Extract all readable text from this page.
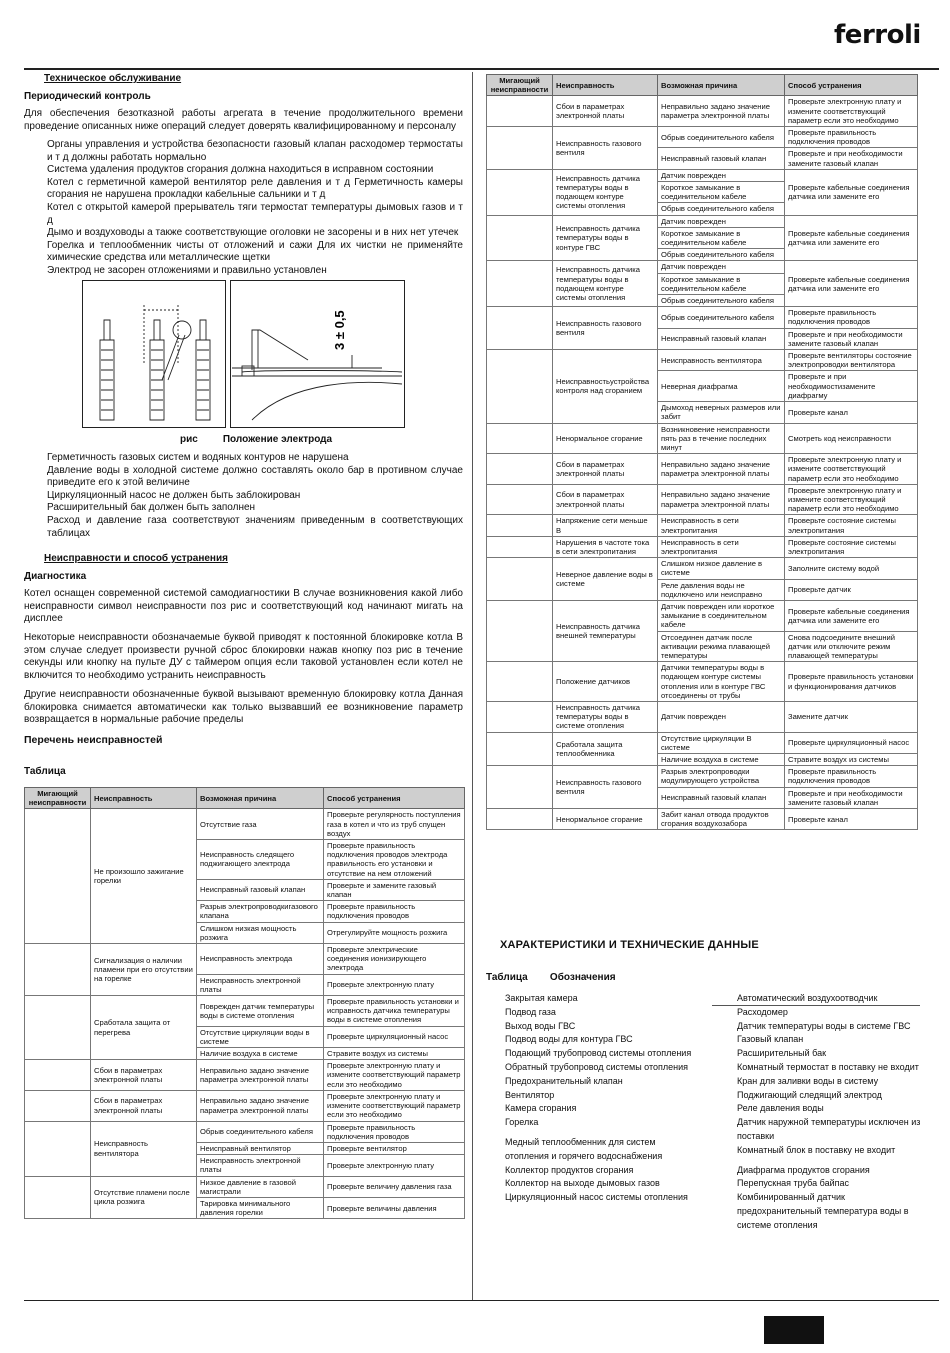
ferroli
Техническое обслуживание
Периодический контроль
Для обеспечения безотказной работы агрегата в течение продолжительного времени проведение описанных ниже операций следует доверять квалифицированному и персоналу
Органы управления и устройства безопасности газовый клапан расходомер термостаты и т д должны работать нормально
Система удаления продуктов сгорания должна находиться в исправном состоянии
Котел с герметичной камерой вентилятор реле давления и т д Герметичность камеры сгорания не нарушена прокладки кабельные сальники и т д
Котел с открытой камерой прерыватель тяги термостат температуры дымовых газов и т д
Дымо и воздуховоды а также соответствующие оголовки не засорены и в них нет утечек
Горелка и теплообменник чисты от отложений и сажи Для их чистки не применяйте химические средства или металлические щетки
Электрод не засорен отложениями и правильно установлен
3 ± 0,5
рис	Положение электрода
Герметичность газовых систем и водяных контуров не нарушена
Давление воды в холодной системе должно составлять около бар в противном случае приведите его к этой величине
Циркуляционный насос не должен быть заблокирован
Расширительный бак должен быть заполнен
Расход и давление газа соответствуют значениям приведенным в соответствующих таблицах
Неисправности и способ устранения
Диагностика
Котел оснащен современной системой самодиагностики В случае возникновения какой либо неисправности символ неисправности поз рис и соответствующий код начинают мигать на дисплее
Некоторые неисправности обозначаемые буквой приводят к постоянной блокировке котла В этом случае следует произвести ручной сброс блокировки нажав кнопку поз рис в течение секунды или кнопку на пульте ДУ с таймером опция если таковой установлен если котел не включится то необходимо устранить неисправность
Другие неисправности обозначенные буквой вызывают временную блокировку котла Данная блокировка снимается автоматически как только вызвавший ее возникновение параметр возвращается в нормальные рабочие пределы
Перечень неисправностей
Таблица
Мигающий неисправности	Неисправность	Возможная причина	Способ устранения
	Не произошло зажигание горелки	Отсутствие газа	Проверьте регулярность поступления газа в котел и что из труб спущен воздух
		Неисправность следящего поджигающего электрода	Проверьте правильность подключения проводов электрода правильность его установки и отсутствие на нем отложений
		Неисправный газовый клапан	Проверьте и замените газовый клапан
		Разрыв электропроводкигазового клапана	Проверьте правильность подключения проводов
		Слишком низкая мощность розжига	Отрегулируйте мощность розжига
	Сигнализация о наличии пламени при его отсутствии на горелке	Неисправность электрода	Проверьте электрические соединения ионизирующего электрода
		Неисправность электронной платы	Проверьте электронную плату
	Сработала защита от перегрева	Поврежден датчик температуры воды в системе отопления	Проверьте правильность установки и исправность датчика температуры воды в системе отопления
		Отсутствие циркуляции воды в системе	Проверьте циркуляционный насос
		Наличие воздуха в системе	Стравите воздух из системы
	Сбои в параметрах электронной платы	Неправильно задано значение параметра электронной платы	Проверьте электронную плату и измените соответствующий параметр если это необходимо
	Сбои в параметрах электронной платы	Неправильно задано значение параметра электронной платы	Проверьте электронную плату и измените соответствующий параметр если это необходимо
	Неисправность вентилятора	Обрыв соединительного кабеля	Проверьте правильность подключения проводов
		Неисправный вентилятор	Проверьте вентилятор
		Неисправность электронной платы	Проверьте электронную плату
	Отсутствие пламени после цикла розжига	Низкое давление в газовой магистрали	Проверьте величину давления газа
		Тарировка минимального давления горелки	Проверьте величины давления
Мигающий неисправности	Неисправность	Возможная причина	Способ устранения
	Сбои в параметрах электронной платы	Неправильно задано значение параметра электронной платы	Проверьте электронную плату и измените соответствующий параметр если это необходимо
	Неисправность газового вентиля	Обрыв соединительного кабеля	Проверьте правильность подключения проводов
		Неисправный газовый клапан	Проверьте и при необходимости замените газовый клапан
	Неисправность датчика температуры воды в подающем контуре системы отопления	Датчик поврежден	Проверьте кабельные соединения датчика или замените его
		Короткое замыкание в соединительном кабеле	
		Обрыв соединительного кабеля	
	Неисправность датчика температуры воды в контуре ГВС	Датчик поврежден	Проверьте кабельные соединения датчика или замените его
		Короткое замыкание в соединительном кабеле	
		Обрыв соединительного кабеля	
	Неисправность датчика температуры воды в подающем контуре системы отопления	Датчик поврежден	Проверьте кабельные соединения датчика или замените его
		Короткое замыкание в соединительном кабеле	
		Обрыв соединительного кабеля	
	Неисправность газового вентиля	Обрыв соединительного кабеля	Проверьте правильность подключения проводов
		Неисправный газовый клапан	Проверьте и при необходимости замените газовый клапан
	Неисправностьустройства контроля над сгоранием	Неисправность вентилятора	Проверьте вентиляторы состояние электропроводки вентилятора
		Неверная диафрагма	Проверьте и при необходимостизамените диафрагму
		Дымоход неверных размеров или забит	Проверьте канал
	Ненормальное сгорание	Возникновение неисправности пять раз в течение последних минут	Смотреть код неисправности
	Сбои в параметрах электронной платы	Неправильно задано значение параметра электронной платы	Проверьте электронную плату и измените соответствующий параметр если это необходимо
	Сбои в параметрах электронной платы	Неправильно задано значение параметра электронной платы	Проверьте электронную плату и измените соответствующий параметр если это необходимо
	Напряжение сети меньше В	Неисправность в сети электропитания	Проверьте состояние системы электропитания
	Нарушения в частоте тока в сети электропитания	Неисправность в сети электропитания	Проверьте состояние системы электропитания
	Неверное давление воды в системе	Слишком низкое давление в системе	Заполните систему водой
		Реле давления воды не подключено или неисправно	Проверьте датчик
	Неисправность датчика внешней температуры	Датчик поврежден или короткое замыкание в соединительном кабеле	Проверьте кабельные соединения датчика или замените его
		Отсоединен датчик после активации режима плавающей температуры	Снова подсоедините внешний датчик или отключите режим плавающей температуры
	Положение датчиков	Датчики температуры воды в подающем контуре системы отопления или в контуре ГВС отсоединены от трубы	Проверьте правильность установки и функционирования датчиков
	Неисправность датчика температуры воды в системе отопления	Датчик поврежден	Замените датчик
	Сработала защита теплообменника	Отсутствие циркуляции В системе	Проверьте циркуляционный насос
		Наличие воздуха в системе	Стравите воздух из системы
	Неисправность газового вентиля	Разрыв электропроводки модулирующего устройства	Проверьте правильность подключения проводов
		Неисправный газовый клапан	Проверьте и при необходимости замените газовый клапан
	Ненормальное сгорание	Забит канал отвода продуктов сгорания воздухозабора	Проверьте канал
ХАРАКТЕРИСТИКИ И ТЕХНИЧЕСКИЕ ДАННЫЕ
Таблица Обозначения
Закрытая камера
Подвод газа
Выход воды ГВС
Подвод воды для контура ГВС
Подающий трубопровод системы отопления
Обратный трубопровод системы отопления
Предохранительный клапан
Вентилятор
Камера сгорания
Горелка
Медный теплообменник для систем отопления и горячего водоснабжения
Коллектор продуктов сгорания
Коллектор на выходе дымовых газов
Циркуляционный насос системы отопления
Автоматический воздухоотводчик
Расходомер
Датчик температуры воды в системе ГВС
Газовый клапан
Расширительный бак
Комнатный термостат в поставку не входит
Кран для заливки воды в систему
Поджигающий следящий электрод
Реле давления воды
Датчик наружной температуры исключен из поставки
Комнатный блок в поставку не входит
Диафрагма продуктов сгорания
Перепускная труба байпас
Комбинированный датчик предохранительный температура воды в системе отопления
